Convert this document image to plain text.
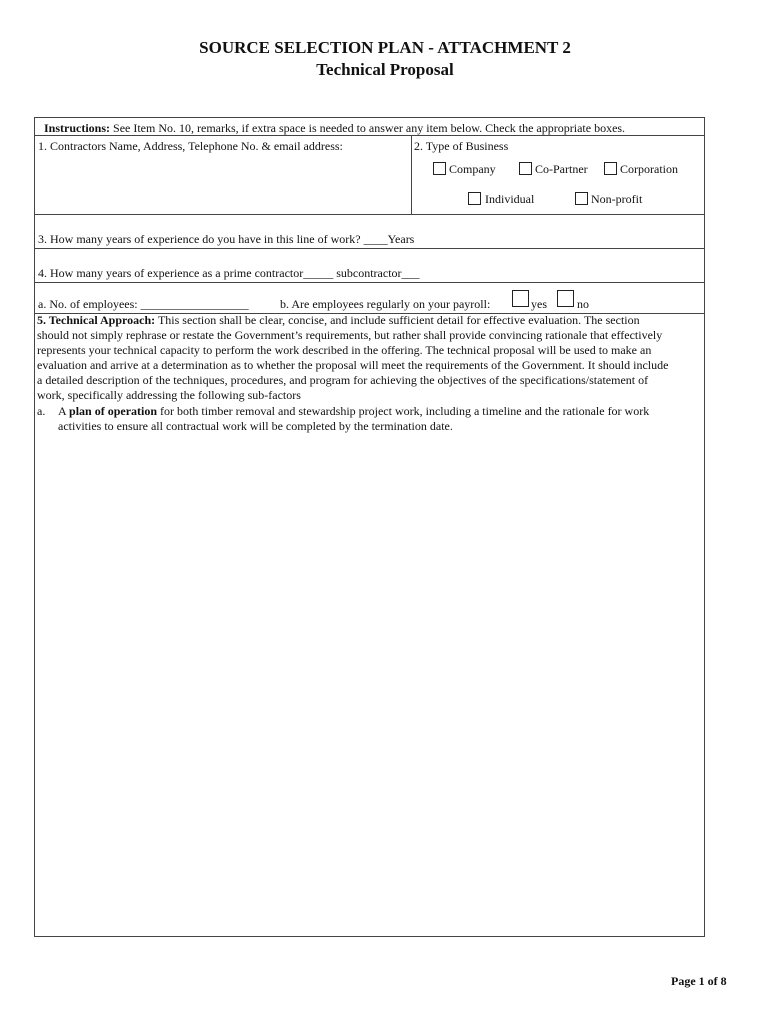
SOURCE SELECTION PLAN - ATTACHMENT 2
Technical Proposal
Instructions: See Item No. 10, remarks, if extra space is needed to answer any item below. Check the appropriate boxes.
1. Contractors Name, Address, Telephone No. & email address:	2. Type of Business
Company	Co-Partner	Corporation
Individual	Non-profit
3. How many years of experience do you have in this line of work? ____Years
4. How many years of experience as a prime contractor_____ subcontractor___
a. No. of employees: __________________	b. Are employees regularly on your payroll:	yes	no
5. Technical Approach: This section shall be clear, concise, and include sufficient detail for effective evaluation. The section
should not simply rephrase or restate the Government’s requirements, but rather shall provide convincing rationale that effectively
represents your technical capacity to perform the work described in the offering. The technical proposal will be used to make an
evaluation and arrive at a determination as to whether the proposal will meet the requirements of the Government. It should include
a detailed description of the techniques, procedures, and program for achieving the objectives of the specifications/statement of
work, specifically addressing the following sub-factors
a. A plan of operation for both timber removal and stewardship project work, including a timeline and the rationale for work
activities to ensure all contractual work will be completed by the termination date.
Page 1 of 8
